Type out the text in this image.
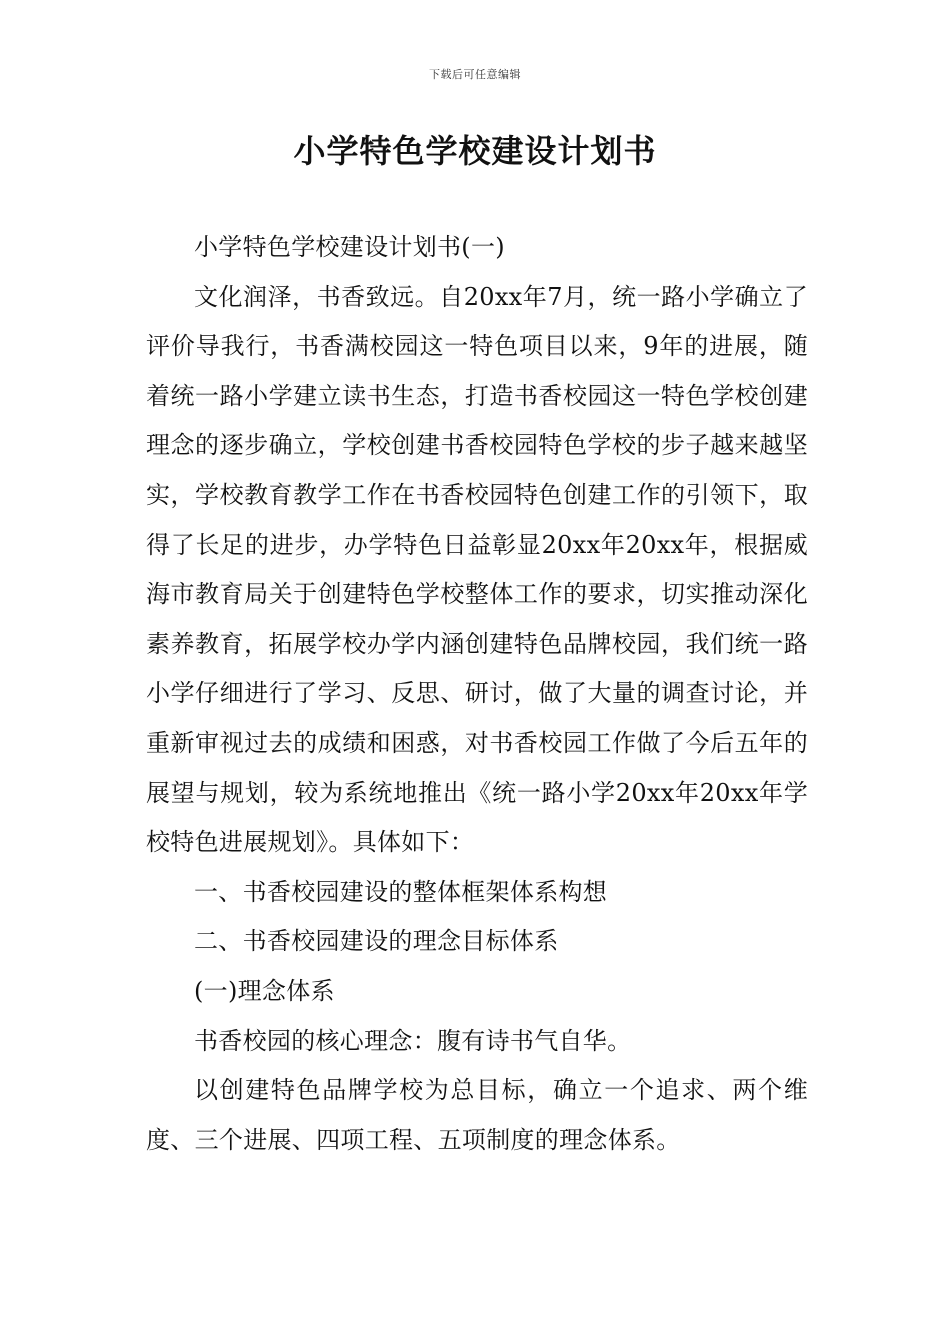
下载后可任意编辑
小学特色学校建设计划书

小学特色学校建设计划书(一)

文化润泽，书香致远。自20xx年7月，统一路小学确立了评价导我行，书香满校园这一特色项目以来，9年的进展，随着统一路小学建立读书生态，打造书香校园这一特色学校创建理念的逐步确立，学校创建书香校园特色学校的步子越来越坚实，学校教育教学工作在书香校园特色创建工作的引领下，取得了长足的进步，办学特色日益彰显20xx年20xx年，根据威海市教育局关于创建特色学校整体工作的要求，切实推动深化素养教育，拓展学校办学内涵创建特色品牌校园，我们统一路小学仔细进行了学习、反思、研讨，做了大量的调查讨论，并重新审视过去的成绩和困惑，对书香校园工作做了今后五年的展望与规划，较为系统地推出《统一路小学20xx年20xx年学校特色进展规划》。具体如下：

一、书香校园建设的整体框架体系构想

二、书香校园建设的理念目标体系

(一)理念体系

书香校园的核心理念：腹有诗书气自华。

以创建特色品牌学校为总目标，确立一个追求、两个维度、三个进展、四项工程、五项制度的理念体系。
